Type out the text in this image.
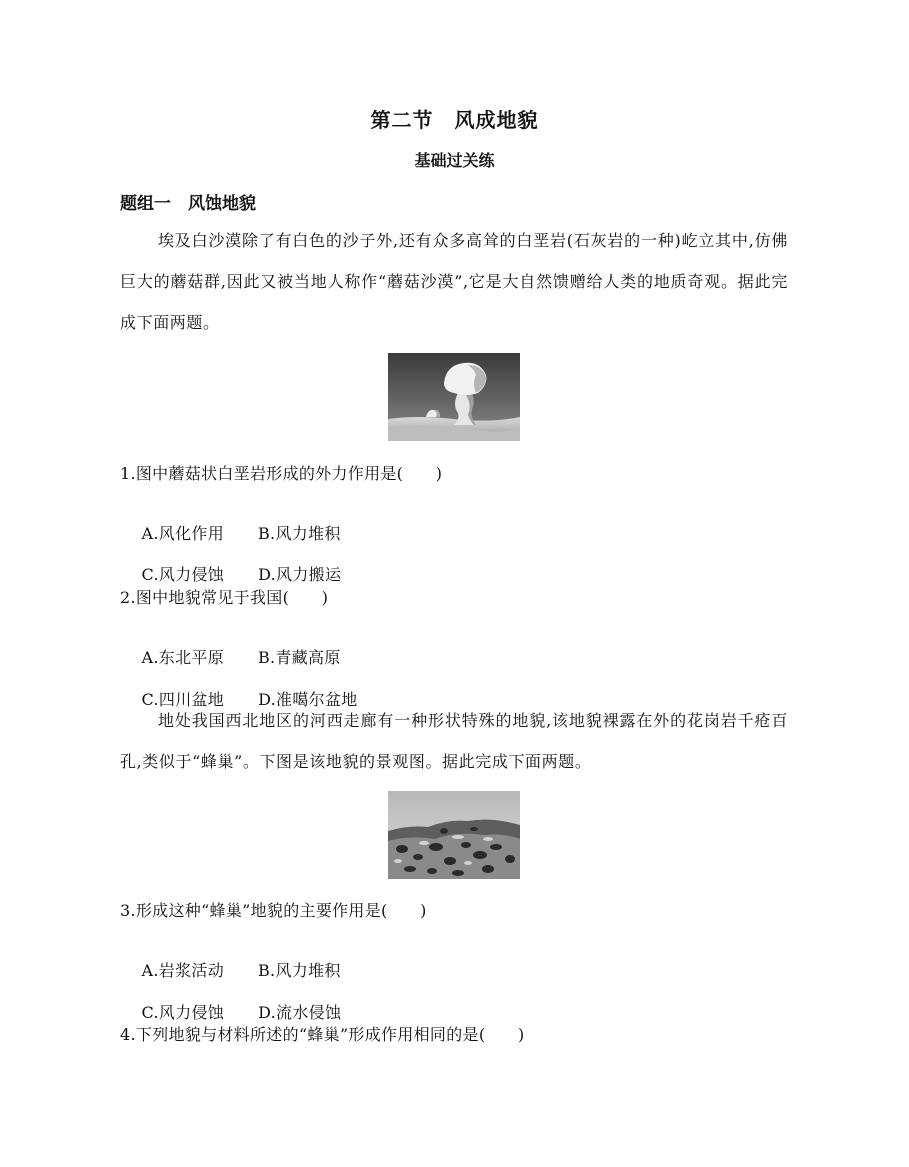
第二节　风成地貌
基础过关练
题组一　风蚀地貌
埃及白沙漠除了有白色的沙子外,还有众多高耸的白垩岩(石灰岩的一种)屹立其中,仿佛巨大的蘑菇群,因此又被当地人称作“蘑菇沙漠”,它是大自然馈赠给人类的地质奇观。据此完成下面两题。
1.图中蘑菇状白垩岩形成的外力作用是(　　)

A.风化作用 B.风力堆积

C.风力侵蚀 D.风力搬运

2.图中地貌常见于我国(　　)

A.东北平原 B.青藏高原

C.四川盆地 D.准噶尔盆地

地处我国西北地区的河西走廊有一种形状特殊的地貌,该地貌裸露在外的花岗岩千疮百孔,类似于“蜂巢”。下图是该地貌的景观图。据此完成下面两题。
3.形成这种“蜂巢”地貌的主要作用是(　　)

A.岩浆活动 B.风力堆积

C.风力侵蚀 D.流水侵蚀

4.下列地貌与材料所述的“蜂巢”形成作用相同的是(　　)
